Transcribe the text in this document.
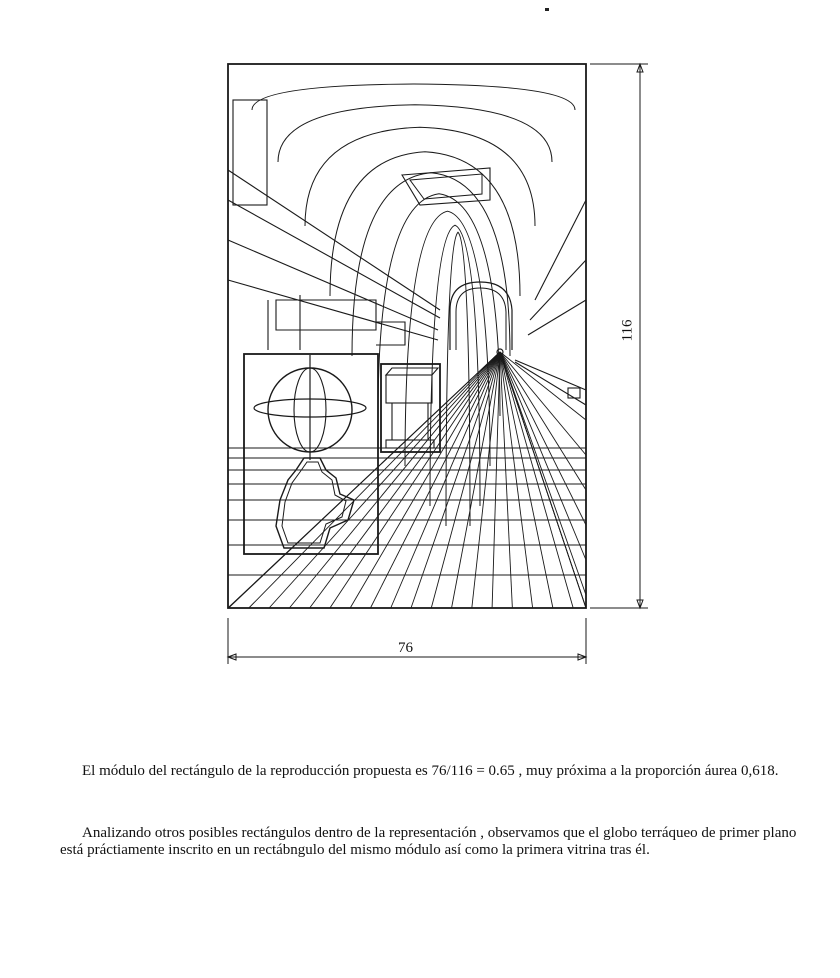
76
116

El módulo del rectángulo de la reproducción propuesta es 76/116 = 0.65 , muy próxima a la proporción áurea 0,618.

Analizando otros posibles rectángulos dentro de la representación , observamos que el globo terráqueo de primer plano está práctiamente inscrito en un rectábngulo del mismo módulo así como la primera vitrina tras él.
